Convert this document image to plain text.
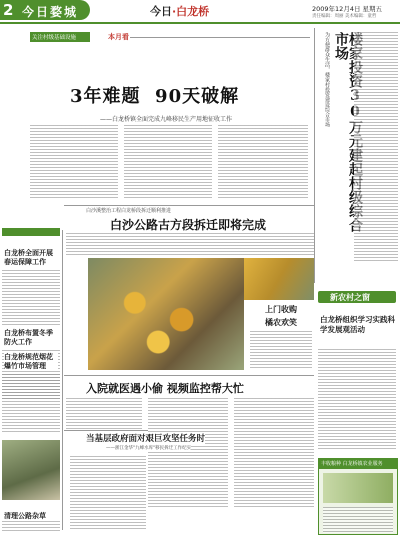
2 今日婺城	今日·白龙桥	2009年12月4日 星期五
责任编辑：周丽 美术编辑：童哲
关注村级基础设施	本月看
3年难题  90天破解
——白龙桥镇全面完成九峰移民生产用地征收工作	为方便群众生活，楼家村投资建设综合市场 市场
白龙桥全面开展春运保障工作
白龙桥布置冬季防火工作
白龙桥规范烟花爆竹市场管理
清理公路杂草
白沙溪整治工程白龙桥段拆迁顺利推进
白沙公路古方段拆迁即将完成
上门收购
橘农欢笑
新农村之窗
白龙桥组织学习实践科学发展观活动
入院就医遇小偷 视频监控帮大忙
当基层政府面对艰巨攻坚任务时
——浙江金华"九峰水库"移民拆迁工作纪实
丰收粮种 白龙桥镇农业服务
